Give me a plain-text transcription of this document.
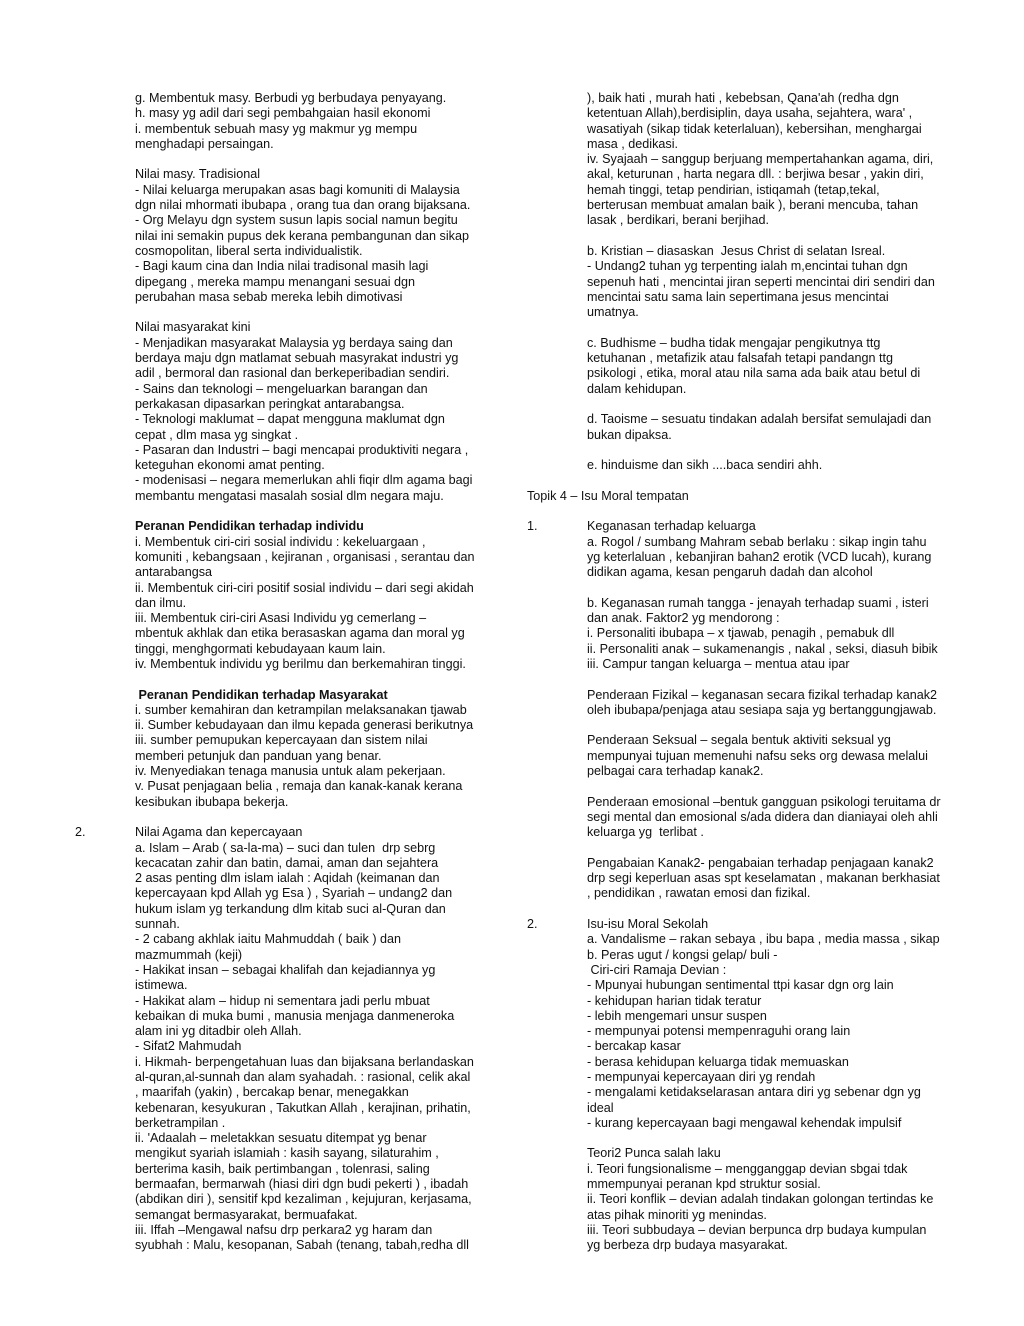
g. Membentuk masy. Berbudi yg berbudaya penyayang.
h. masy yg adil dari segi pembahgaian hasil ekonomi
i. membentuk sebuah masy yg makmur yg mempu
menghadapi persaingan.
Nilai masy. Tradisional
- Nilai keluarga merupakan asas bagi komuniti di Malaysia
dgn nilai mhormati ibubapa , orang tua dan orang bijaksana.
- Org Melayu dgn system susun lapis social namun begitu
nilai ini semakin pupus dek kerana pembangunan dan sikap
cosmopolitan, liberal serta individualistik.
- Bagi kaum cina dan India nilai tradisonal masih lagi
dipegang , mereka mampu menangani sesuai dgn
perubahan masa sebab mereka lebih dimotivasi
Nilai masyarakat kini
- Menjadikan masyarakat Malaysia yg berdaya saing dan
berdaya maju dgn matlamat sebuah masyrakat industri yg
adil , bermoral dan rasional dan berkeperibadian sendiri.
- Sains dan teknologi – mengeluarkan barangan dan
perkakasan dipasarkan peringkat antarabangsa.
- Teknologi maklumat – dapat mengguna maklumat dgn
cepat , dlm masa yg singkat .
- Pasaran dan Industri – bagi mencapai produktiviti negara ,
keteguhan ekonomi amat penting.
- modenisasi – negara memerlukan ahli fiqir dlm agama bagi
membantu mengatasi masalah sosial dlm negara maju.
Peranan Pendidikan terhadap individu
i. Membentuk ciri-ciri sosial individu : kekeluargaan ,
komuniti , kebangsaan , kejiranan , organisasi , serantau dan
antarabangsa
ii. Membentuk ciri-ciri positif sosial individu – dari segi akidah
dan ilmu.
iii. Membentuk ciri-ciri Asasi Individu yg cemerlang –
mbentuk akhlak dan etika berasaskan agama dan moral yg
tinggi, menghgormati kebudayaan kaum lain.
iv. Membentuk individu yg berilmu dan berkemahiran tinggi.
Peranan Pendidikan terhadap Masyarakat
i. sumber kemahiran dan ketrampilan melaksanakan tjawab
ii. Sumber kebudayaan dan ilmu kepada generasi berikutnya
iii. sumber pemupukan kepercayaan dan sistem nilai
memberi petunjuk dan panduan yang benar.
iv. Menyediakan tenaga manusia untuk alam pekerjaan.
v. Pusat penjagaan belia , remaja dan kanak-kanak kerana
kesibukan ibubapa bekerja.
2.	Nilai Agama dan kepercayaan
a. Islam – Arab ( sa-la-ma) – suci dan tulen  drp sebrg
kecacatan zahir dan batin, damai, aman dan sejahtera
2 asas penting dlm islam ialah : Aqidah (keimanan dan
kepercayaan kpd Allah yg Esa ) , Syariah – undang2 dan
hukum islam yg terkandung dlm kitab suci al-Quran dan
sunnah.
- 2 cabang akhlak iaitu Mahmuddah ( baik ) dan
mazmummah (keji)
- Hakikat insan – sebagai khalifah dan kejadiannya yg
istimewa.
- Hakikat alam – hidup ni sementara jadi perlu mbuat
kebaikan di muka bumi , manusia menjaga danmeneroka
alam ini yg ditadbir oleh Allah.
- Sifat2 Mahmudah
i. Hikmah- berpengetahuan luas dan bijaksana berlandaskan
al-quran,al-sunnah dan alam syahadah. : rasional, celik akal
, maarifah (yakin) , bercakap benar, menegakkan
kebenaran, kesyukuran , Takutkan Allah , kerajinan, prihatin,
berketrampilan .
ii. 'Adaalah – meletakkan sesuatu ditempat yg benar
mengikut syariah islamiah : kasih sayang, silaturahim ,
berterima kasih, baik pertimbangan , tolenrasi, saling
bermaafan, bermarwah (hiasi diri dgn budi pekerti ) , ibadah
(abdikan diri ), sensitif kpd kezaliman , kejujuran, kerjasama,
semangat bermasyarakat, bermuafakat.
iii. Iffah –Mengawal nafsu drp perkara2 yg haram dan
syubhah : Malu, kesopanan, Sabah (tenang, tabah,redha dll
), baik hati , murah hati , kebebsan, Qana'ah (redha dgn
ketentuan Allah),berdisiplin, daya usaha, sejahtera, wara' ,
wasatiyah (sikap tidak keterlaluan), kebersihan, menghargai
masa , dedikasi.
iv. Syajaah – sanggup berjuang mempertahankan agama, diri,
akal, keturunan , harta negara dll. : berjiwa besar , yakin diri,
hemah tinggi, tetap pendirian, istiqamah (tetap,tekal,
berterusan membuat amalan baik ), berani mencuba, tahan
lasak , berdikari, berani berjihad.
b. Kristian – diasaskan  Jesus Christ di selatan Isreal.
- Undang2 tuhan yg terpenting ialah m,encintai tuhan dgn
sepenuh hati , mencintai jiran seperti mencintai diri sendiri dan
mencintai satu sama lain sepertimana jesus mencintai
umatnya.
c. Budhisme – budha tidak mengajar pengikutnya ttg
ketuhanan , metafizik atau falsafah tetapi pandangn ttg
psikologi , etika, moral atau nila sama ada baik atau betul di
dalam kehidupan.
d. Taoisme – sesuatu tindakan adalah bersifat semulajadi dan
bukan dipaksa.
e. hinduisme dan sikh ....baca sendiri ahh.
Topik 4 – Isu Moral tempatan
1.	Keganasan terhadap keluarga
a. Rogol / sumbang Mahram sebab berlaku : sikap ingin tahu
yg keterlaluan , kebanjiran bahan2 erotik (VCD lucah), kurang
didikan agama, kesan pengaruh dadah dan alcohol
b. Keganasan rumah tangga - jenayah terhadap suami , isteri
dan anak. Faktor2 yg mendorong :
i. Personaliti ibubapa – x tjawab, penagih , pemabuk dll
ii. Personaliti anak – sukamenangis , nakal , seksi, diasuh bibik
iii. Campur tangan keluarga – mentua atau ipar
Penderaan Fizikal – keganasan secara fizikal terhadap kanak2
oleh ibubapa/penjaga atau sesiapa saja yg bertanggungjawab.
Penderaan Seksual – segala bentuk aktiviti seksual yg
mempunyai tujuan memenuhi nafsu seks org dewasa melalui
pelbagai cara terhadap kanak2.
Penderaan emosional –bentuk gangguan psikologi teruitama dr
segi mental dan emosional s/ada didera dan dianiayai oleh ahli
keluarga yg  terlibat .
Pengabaian Kanak2- pengabaian terhadap penjagaan kanak2
drp segi keperluan asas spt keselamatan , makanan berkhasiat
, pendidikan , rawatan emosi dan fizikal.
2.	Isu-isu Moral Sekolah
a. Vandalisme – rakan sebaya , ibu bapa , media massa , sikap
b. Peras ugut / kongsi gelap/ buli -
Ciri-ciri Ramaja Devian :
- Mpunyai hubungan sentimental ttpi kasar dgn org lain
- kehidupan harian tidak teratur
- lebih mengemari unsur suspen
- mempunyai potensi mempenraguhi orang lain
- bercakap kasar
- berasa kehidupan keluarga tidak memuaskan
- mempunyai kepercayaan diri yg rendah
- mengalami ketidakselarasan antara diri yg sebenar dgn yg
ideal
- kurang kepercayaan bagi mengawal kehendak impulsif
Teori2 Punca salah laku
i. Teori fungsionalisme – mengganggap devian sbgai tdak
mmempunyai peranan kpd struktur sosial.
ii. Teori konflik – devian adalah tindakan golongan tertindas ke
atas pihak minoriti yg menindas.
iii. Teori subbudaya – devian berpunca drp budaya kumpulan
yg berbeza drp budaya masyarakat.
